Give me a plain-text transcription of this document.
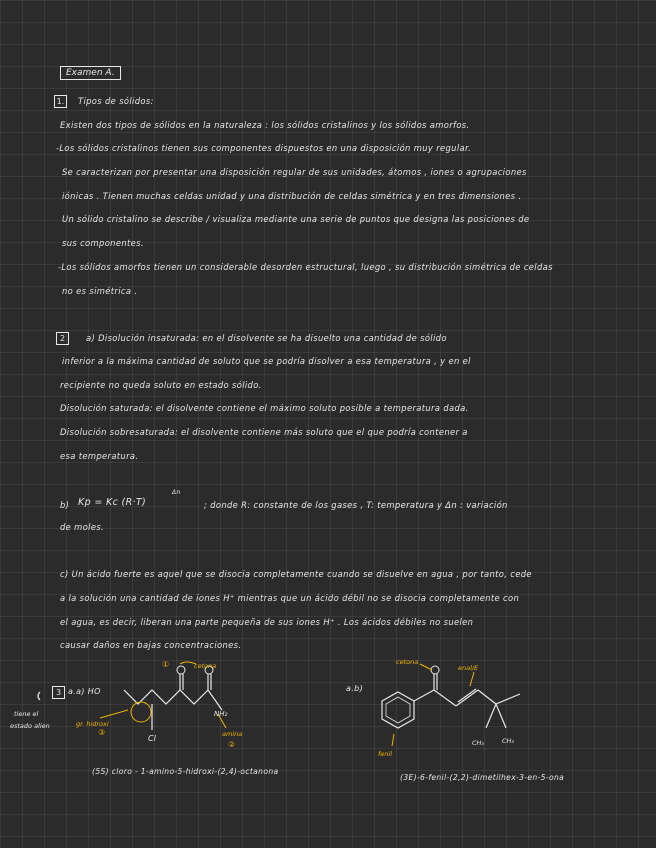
Examen A.
1.	Tipos de sólidos:
Existen dos tipos de sólidos en la naturaleza : los sólidos cristalinos y los sólidos amorfos.
-Los sólidos cristalinos tienen sus componentes dispuestos en una disposición muy regular.
Se caracterizan por presentar una disposición regular de sus unidades, átomos , iones o agrupaciones
iónicas . Tienen muchas celdas unidad y una distribución de celdas simétrica y en tres dimensiones .
Un sólido cristalino se describe / visualiza mediante una serie de puntos que designa las posiciones de
sus componentes.
-Los sólidos amorfos tienen un considerable desorden estructural, luego , su distribución simétrica de celdas
no es simétrica .
2	a) Disolución insaturada: en el disolvente se ha disuelto una cantidad de sólido
inferior a la máxima cantidad de soluto que se podría disolver a esa temperatura , y en el
recipiente no queda soluto en estado sólido.
Disolución saturada: el disolvente contiene el máximo soluto posible a temperatura dada.
Disolución sobresaturada: el disolvente contiene más soluto que el que podría contener a
esa temperatura.
b) Kp = Kc (R·T)
Δn
; donde R: constante de los gases , T: temperatura y Δn : variación
de moles.
c) Un ácido fuerte es aquel que se disocia completamente cuando se disuelve en agua , por tanto, cede
a la solución una cantidad de iones H⁺ mientras que un ácido débil no se disocia completamente con
el agua, es decir, liberan una parte pequeña de sus iones H⁺ . Los ácidos débiles no suelen
causar daños en bajas concentraciones.
3 a.a) HO
tiene el
estado alien
cetona
①
gr. hidroxi
③	amina
②
NH₂
Cl
(5S) cloro - 1-amino-5-hidroxi-(2,4)-octanona
a.b)
cetona
enal/E
CH₃	CH₃
fenil
(3E)-6-fenil-(2,2)-dimetilhex-3-en-5-ona
